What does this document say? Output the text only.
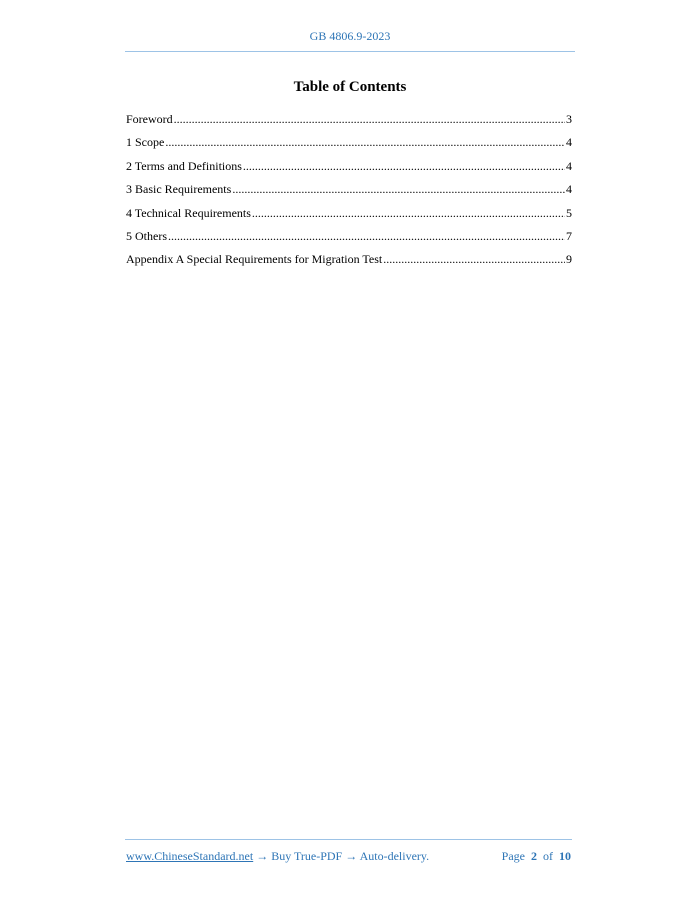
GB 4806.9-2023
Table of Contents
Foreword .....	3
1 Scope .....	4
2 Terms and Definitions .....	4
3 Basic Requirements .....	4
4 Technical Requirements .....	5
5 Others .....	7
Appendix A Special Requirements for Migration Test .....	9
www.ChineseStandard.net → Buy True-PDF → Auto-delivery.	Page 2 of 10
